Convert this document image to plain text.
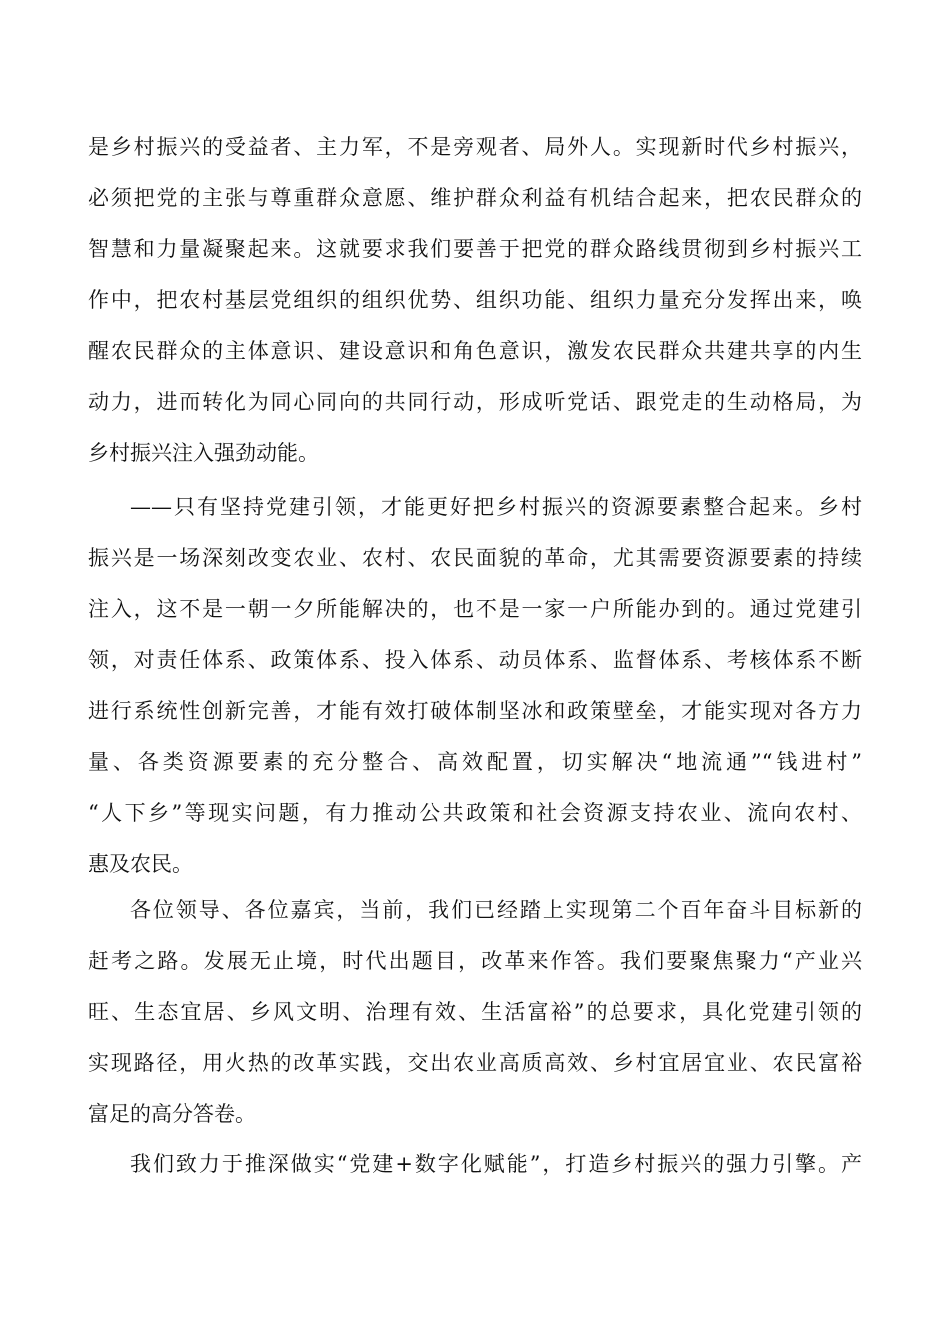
是乡村振兴的受益者、主力军，不是旁观者、局外人。实现新时代乡村振兴，
必须把党的主张与尊重群众意愿、维护群众利益有机结合起来，把农民群众的
智慧和力量凝聚起来。这就要求我们要善于把党的群众路线贯彻到乡村振兴工
作中，把农村基层党组织的组织优势、组织功能、组织力量充分发挥出来，唤
醒农民群众的主体意识、建设意识和角色意识，激发农民群众共建共享的内生
动力，进而转化为同心同向的共同行动，形成听党话、跟党走的生动格局，为
乡村振兴注入强劲动能。
——只有坚持党建引领，才能更好把乡村振兴的资源要素整合起来。乡村
振兴是一场深刻改变农业、农村、农民面貌的革命，尤其需要资源要素的持续
注入，这不是一朝一夕所能解决的，也不是一家一户所能办到的。通过党建引
领，对责任体系、政策体系、投入体系、动员体系、监督体系、考核体系不断
进行系统性创新完善，才能有效打破体制坚冰和政策壁垒，才能实现对各方力
量、各类资源要素的充分整合、高效配置，切实解决“地流通”“钱进村”
“人下乡”等现实问题，有力推动公共政策和社会资源支持农业、流向农村、
惠及农民。
各位领导、各位嘉宾，当前，我们已经踏上实现第二个百年奋斗目标新的
赶考之路。发展无止境，时代出题目，改革来作答。我们要聚焦聚力“产业兴
旺、生态宜居、乡风文明、治理有效、生活富裕”的总要求，具化党建引领的
实现路径，用火热的改革实践，交出农业高质高效、乡村宜居宜业、农民富裕
富足的高分答卷。
我们致力于推深做实“党建+数字化赋能”，打造乡村振兴的强力引擎。产
